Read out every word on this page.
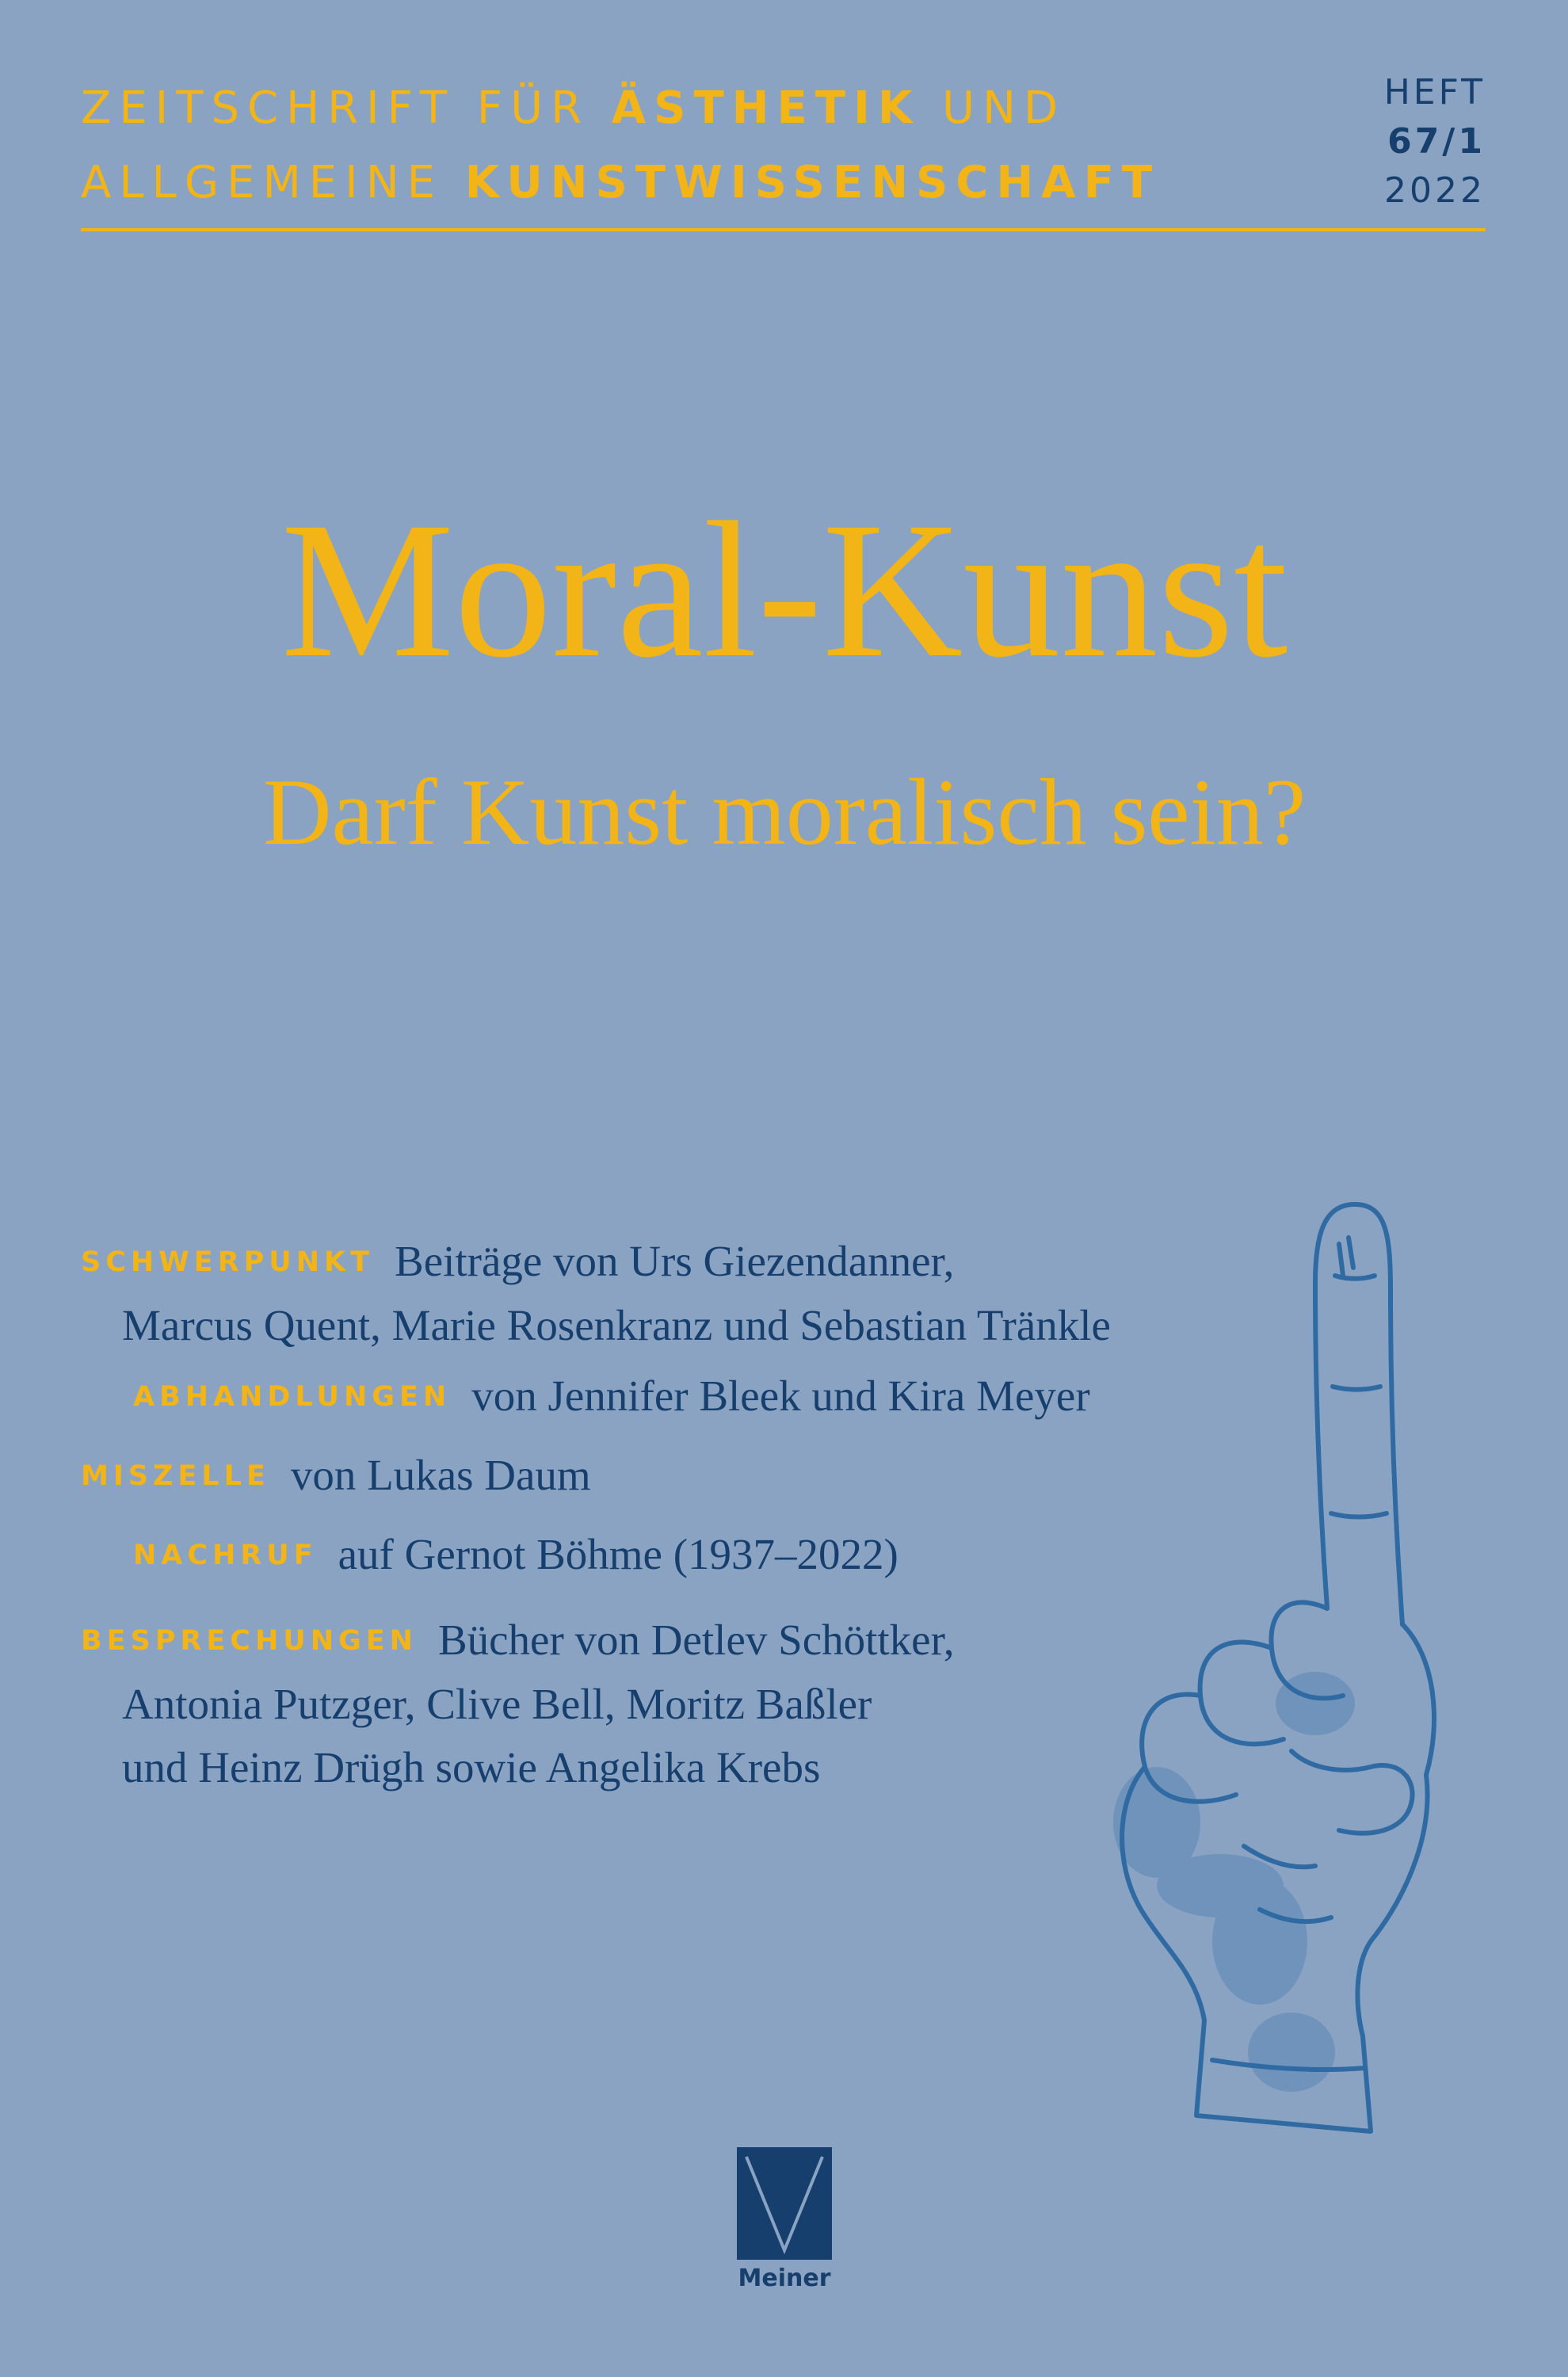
ZEITSCHRIFT FÜR ÄSTHETIK UND
ALLGEMEINE KUNSTWISSENSCHAFT
HEFT
67/1
2022
Moral-Kunst
Darf Kunst moralisch sein?
SCHWERPUNKT Beiträge von Urs Giezendanner,
Marcus Quent, Marie Rosenkranz und Sebastian Tränkle
ABHANDLUNGEN von Jennifer Bleek und Kira Meyer
MISZELLE von Lukas Daum
NACHRUF auf Gernot Böhme (1937–2022)
BESPRECHUNGEN Bücher von Detlev Schöttker,
Antonia Putzger, Clive Bell, Moritz Baßler
und Heinz Drügh sowie Angelika Krebs
Meiner
